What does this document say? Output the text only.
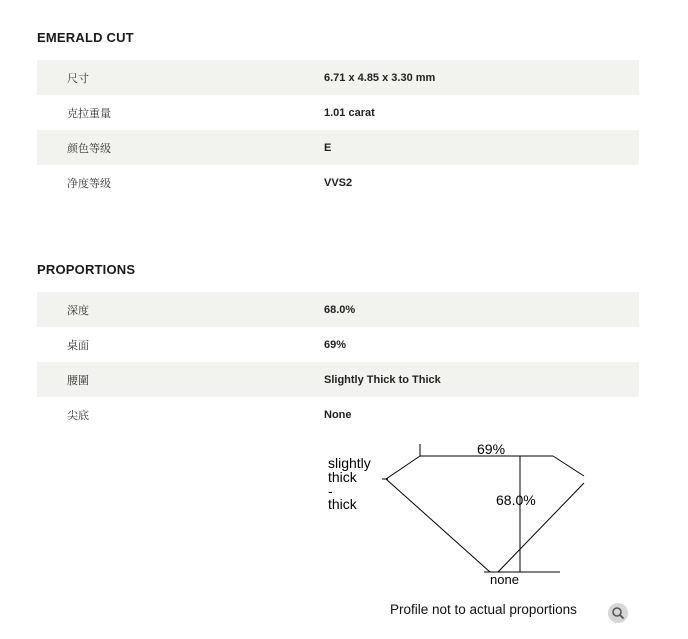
EMERALD CUT
尺寸	6.71 x 4.85 x 3.30 mm
克拉重量	1.01 carat
颜色等级	E
净度等级	VVS2
PROPORTIONS
深度	68.0%
桌面	69%
腰圍	Slightly Thick to Thick
尖底	None
69%
68.0%
slightly
thick
-
thick
none
Profile not to actual proportions
